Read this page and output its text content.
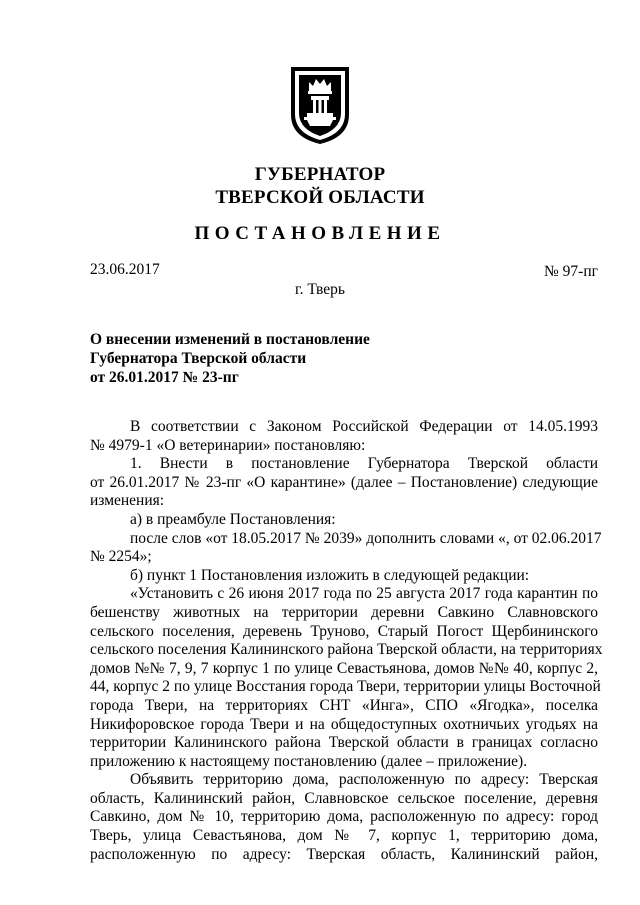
ГУБЕРНАТОР
ТВЕРСКОЙ ОБЛАСТИ
ПОСТАНОВЛЕНИЕ
23.06.2017	№ 97-пг
г. Тверь
О внесении изменений в постановление
Губернатора Тверской области
от 26.01.2017 № 23-пг
В соответствии с Законом Российской Федерации от 14.05.1993
№ 4979-1 «О ветеринарии» постановляю:
1. Внести в постановление Губернатора Тверской области
от 26.01.2017 № 23-пг «О карантине» (далее – Постановление) следующие
изменения:
а) в преамбуле Постановления:
после слов «от 18.05.2017 № 2039» дополнить словами «, от 02.06.2017
№ 2254»;
б) пункт 1 Постановления изложить в следующей редакции:
«Установить с 26 июня 2017 года по 25 августа 2017 года карантин по
бешенству животных на территории деревни Савкино Славновского
сельского поселения, деревень Труново, Старый Погост Щербининского
сельского поселения Калининского района Тверской области, на территориях
домов №№ 7, 9, 7 корпус 1 по улице Севастьянова, домов №№ 40, корпус 2,
44, корпус 2 по улице Восстания города Твери, территории улицы Восточной
города Твери, на территориях СНТ «Инга», СПО «Ягодка», поселка
Никифоровское города Твери и на общедоступных охотничьих угодьях на
территории Калининского района Тверской области в границах согласно
приложению к настоящему постановлению (далее – приложение).
Объявить территорию дома, расположенную по адресу: Тверская
область, Калининский район, Славновское сельское поселение, деревня
Савкино, дом № 10, территорию дома, расположенную по адресу: город
Тверь, улица Севастьянова, дом № 7, корпус 1, территорию дома,
расположенную по адресу: Тверская область, Калининский район,
